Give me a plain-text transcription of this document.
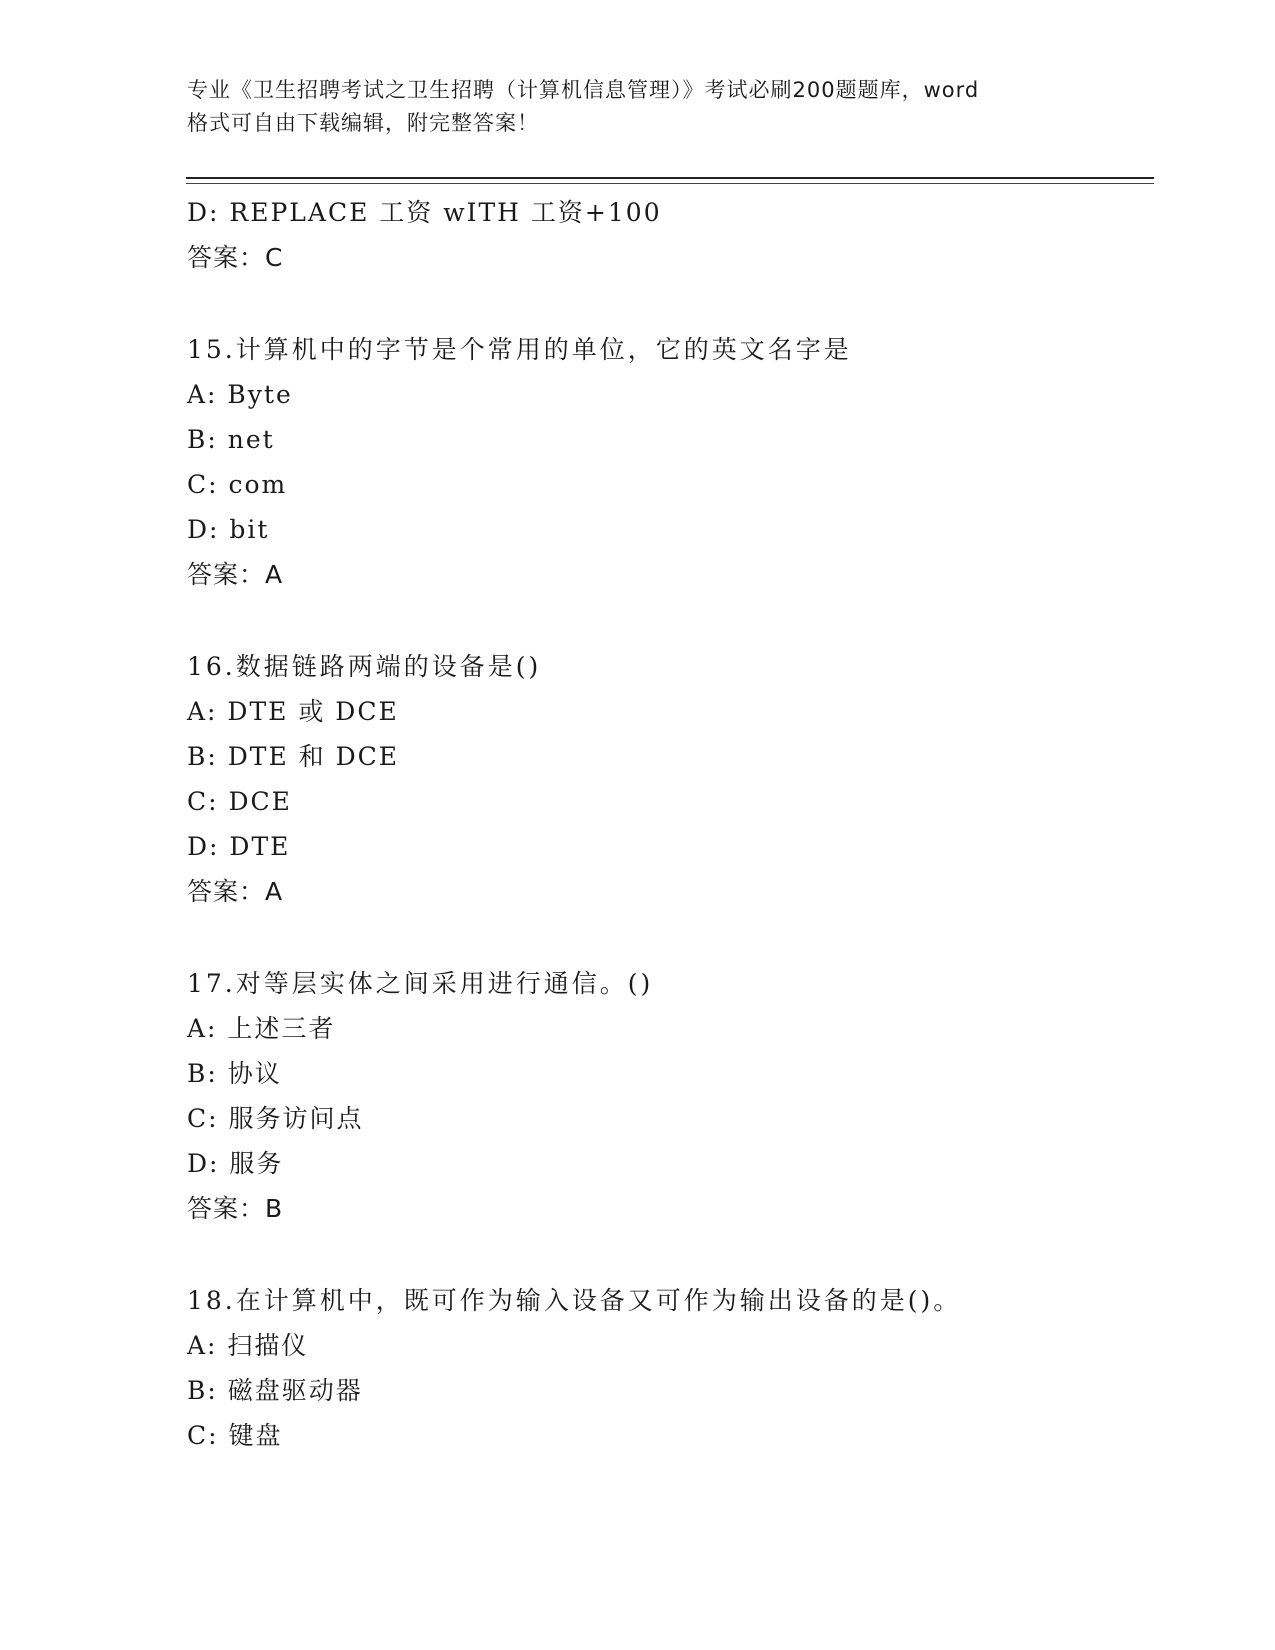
专业《卫生招聘考试之卫生招聘（计算机信息管理）》考试必刷200题题库，word
格式可自由下载编辑，附完整答案！
D: REPLACE 工资 wITH 工资+100
答案：C
15.计算机中的字节是个常用的单位，它的英文名字是
A: Byte
B: net
C: com
D: bit
答案：A
16.数据链路两端的设备是()
A: DTE 或 DCE
B: DTE 和 DCE
C: DCE
D: DTE
答案：A
17.对等层实体之间采用进行通信。()
A: 上述三者
B: 协议
C: 服务访问点
D: 服务
答案：B
18.在计算机中，既可作为输入设备又可作为输出设备的是()。
A: 扫描仪
B: 磁盘驱动器
C: 键盘
